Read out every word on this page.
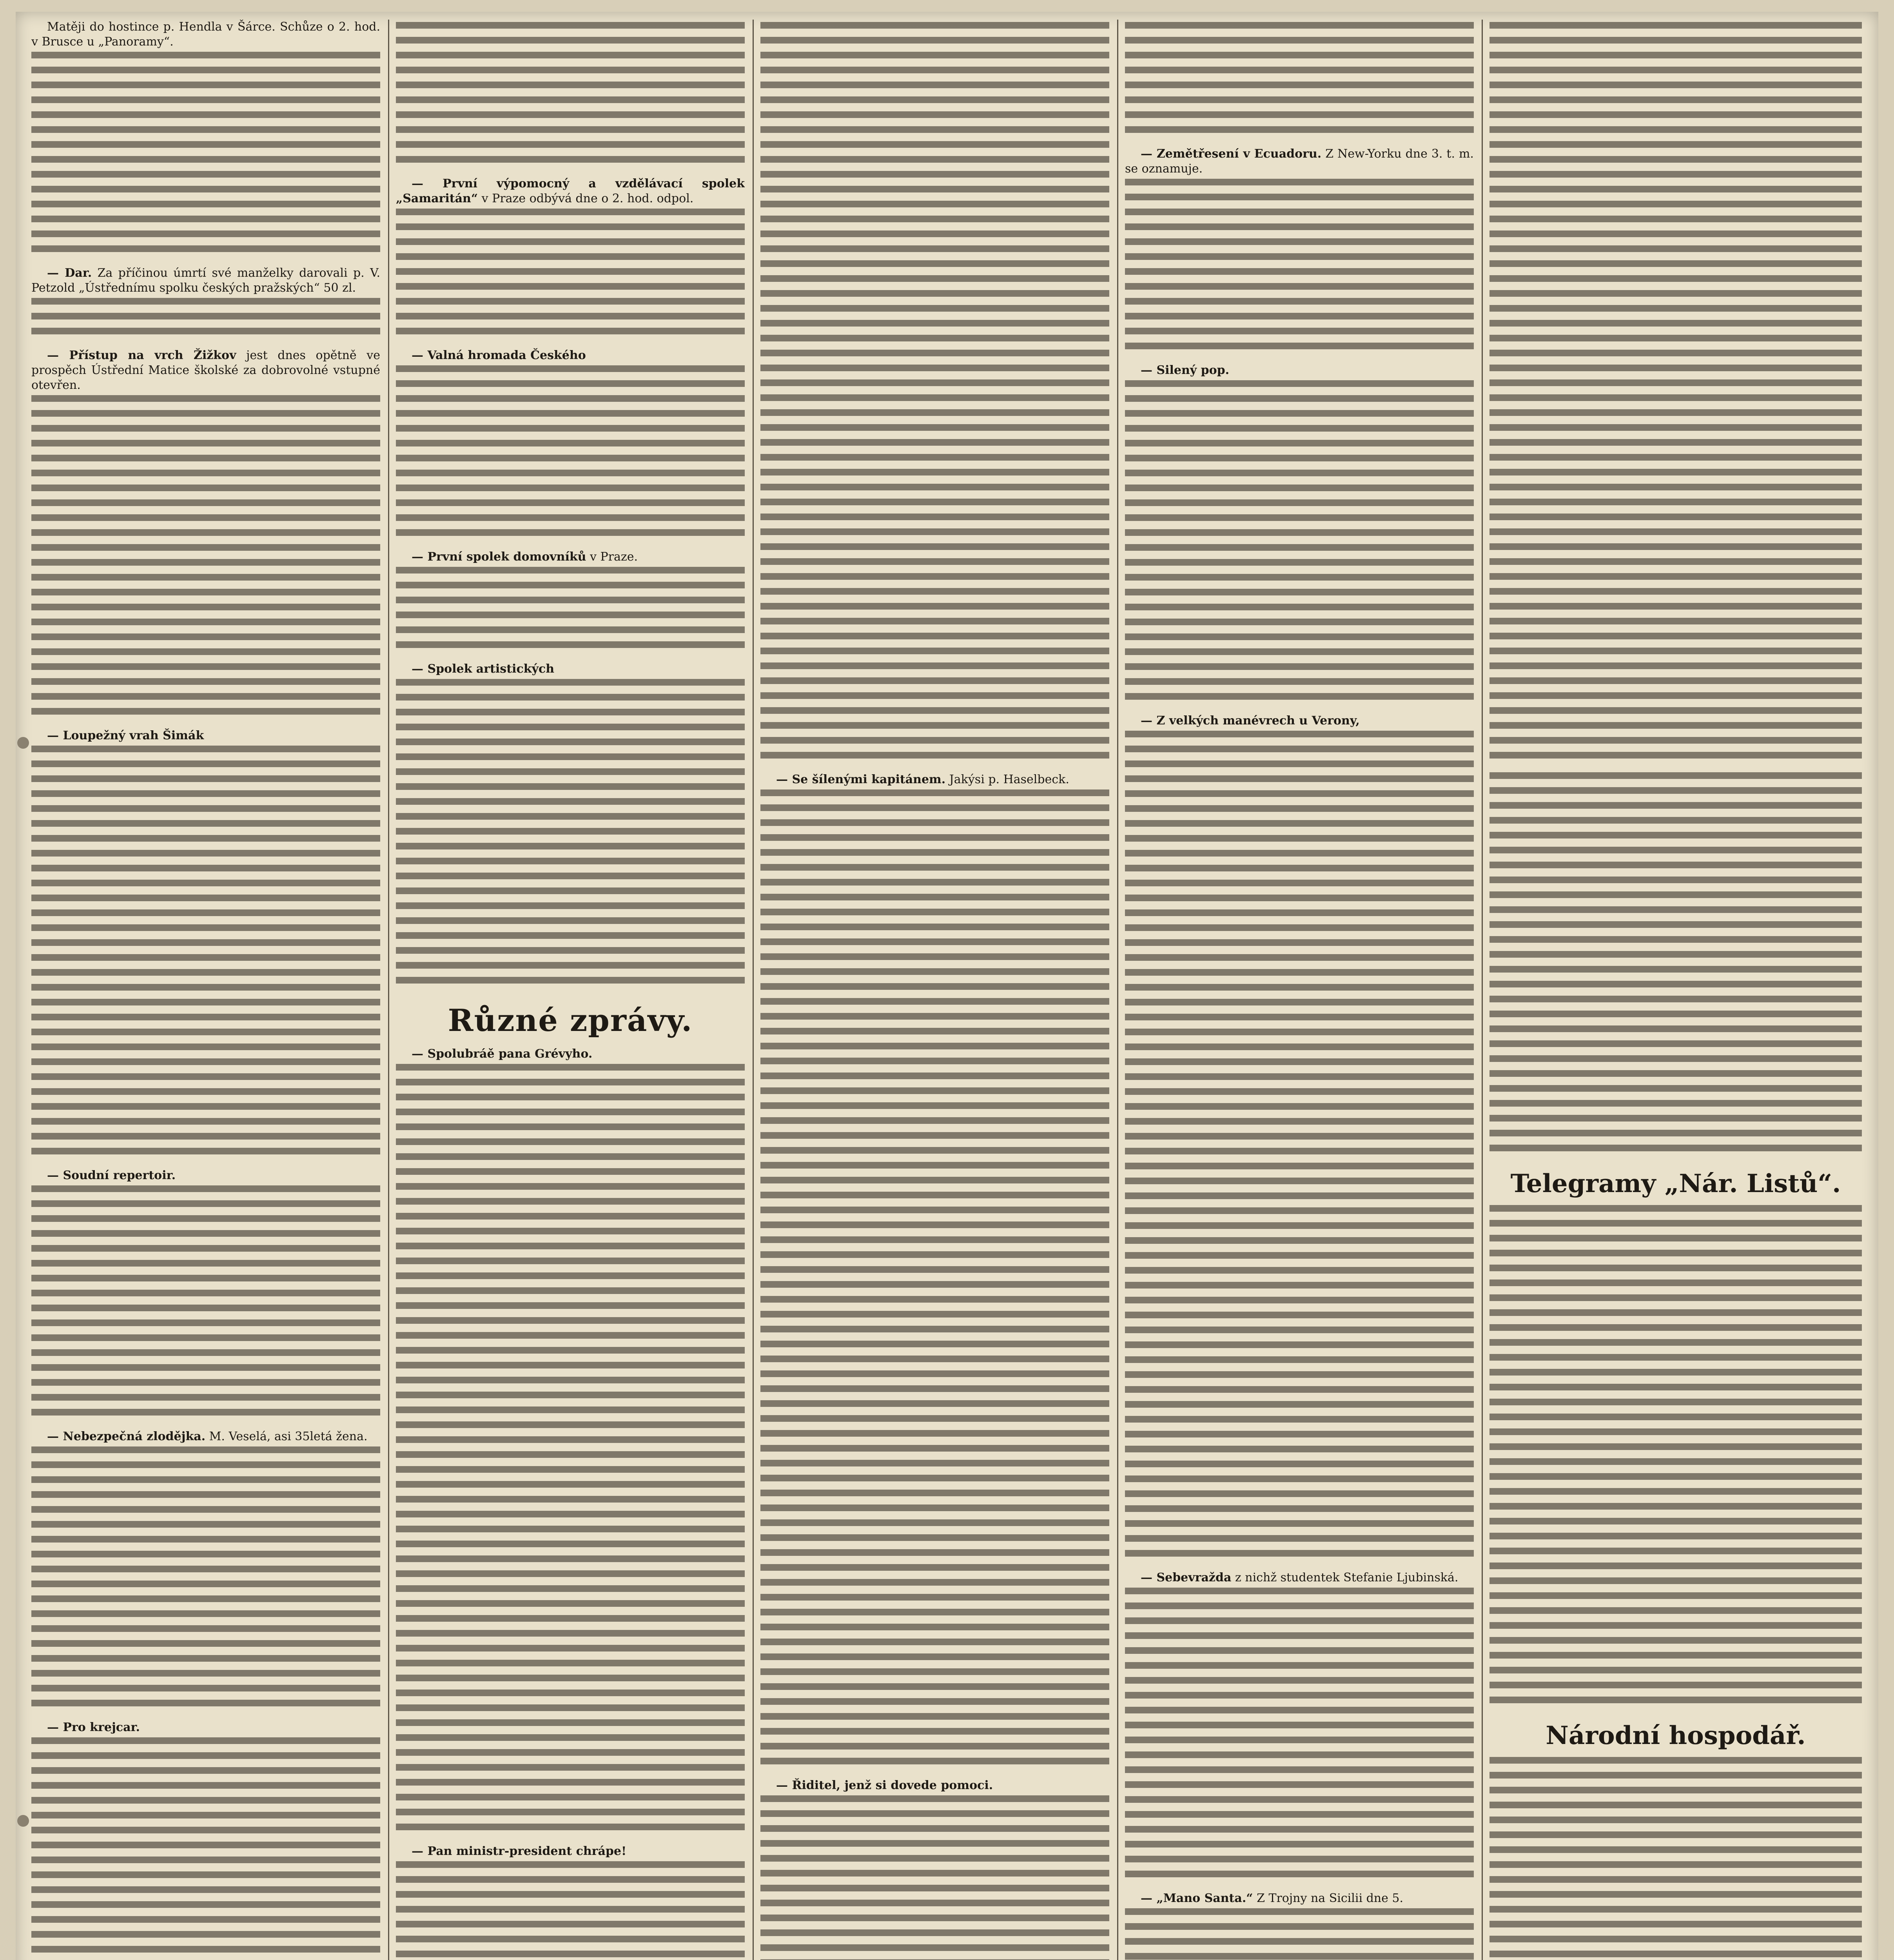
Matěji do hostince p. Hendla v Šárce. Schůze o 2. hod. v Brusce u „Panoramy“.

— Dar. Za příčinou úmrtí své manželky darovali p. V. Petzold „Ústřednímu spolku českých pražských“ 50 zl.

— Přístup na vrch Žižkov jest dnes opětně ve prospěch Ústřední Matice školské za dobrovolné vstupné otevřen.

— Loupežný vrah Šimák

— Soudní repertoir.

— Nebezpečná zlodějka. M. Veselá, asi 35letá žena.

— Pro krejcar.

— První výpomocný a vzdělávací spolek „Samaritán“ v Praze odbývá dne o 2. hod. odpol.

— Valná hromada Českého

— První spolek domovníků v Praze.

— Spolek artistických

Různé zprávy.

— Spolubráě pana Grévyho.

— Pan ministr-president chrápe!

— Se šílenými kapitánem. Jakýsi p. Haselbeck.

— Řiditel, jenž si dovede pomoci.

— Zemětřesení v Ecuadoru. Z New-Yorku dne 3. t. m. se oznamuje.

— Silený pop.

— Z velkých manévrech u Verony,

— Sebevražda z nichž studentek Stefanie Ljubinská.

— „Mano Santa.“ Z Trojny na Sicilii dne 5.

Telegramy „Nár. Listů“.
Národní hospodář.
